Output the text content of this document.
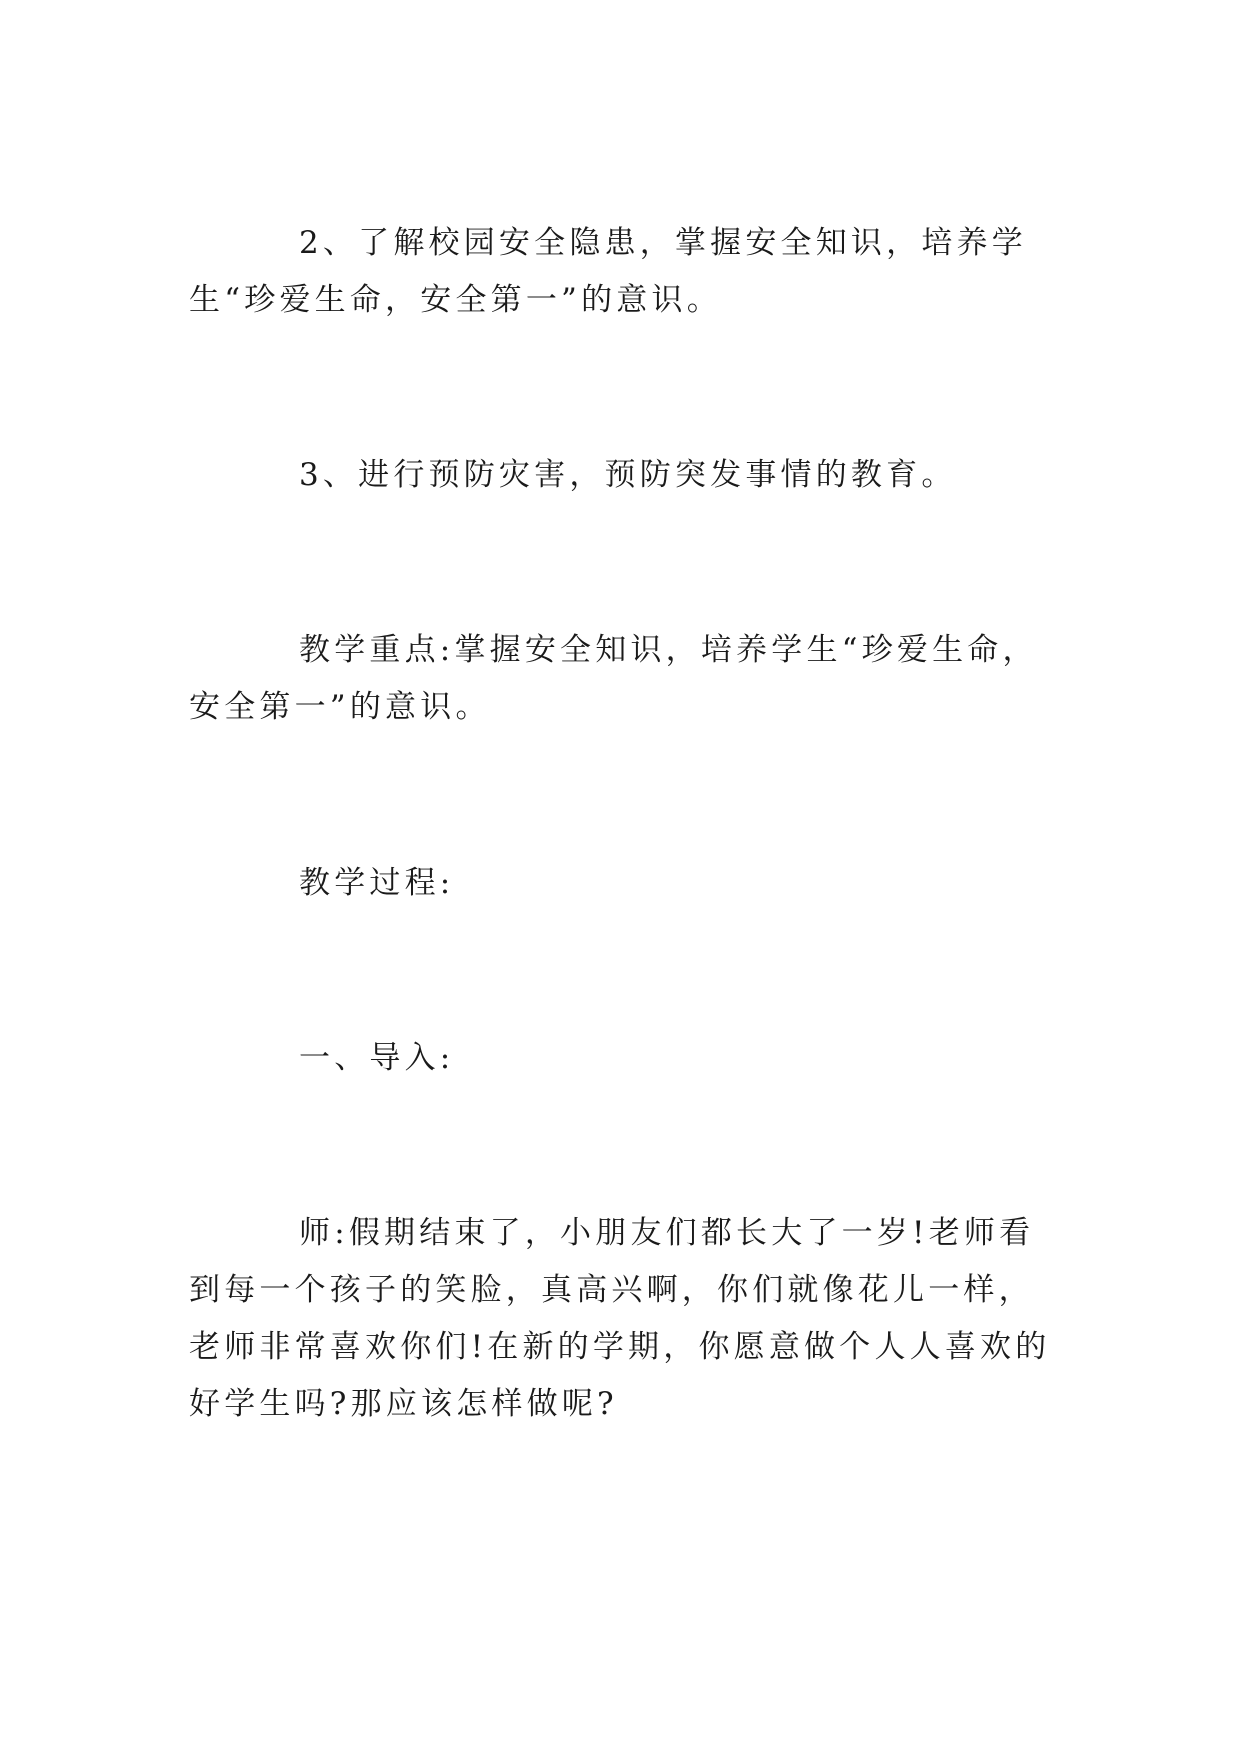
2、了解校园安全隐患，掌握安全知识，培养学生“珍爱生命，安全第一”的意识。

3、进行预防灾害，预防突发事情的教育。

教学重点:掌握安全知识，培养学生“珍爱生命，安全第一”的意识。

教学过程:

一、导入:

师:假期结束了，小朋友们都长大了一岁!老师看到每一个孩子的笑脸，真高兴啊，你们就像花儿一样，老师非常喜欢你们!在新的学期，你愿意做个人人喜欢的好学生吗?那应该怎样做呢?
